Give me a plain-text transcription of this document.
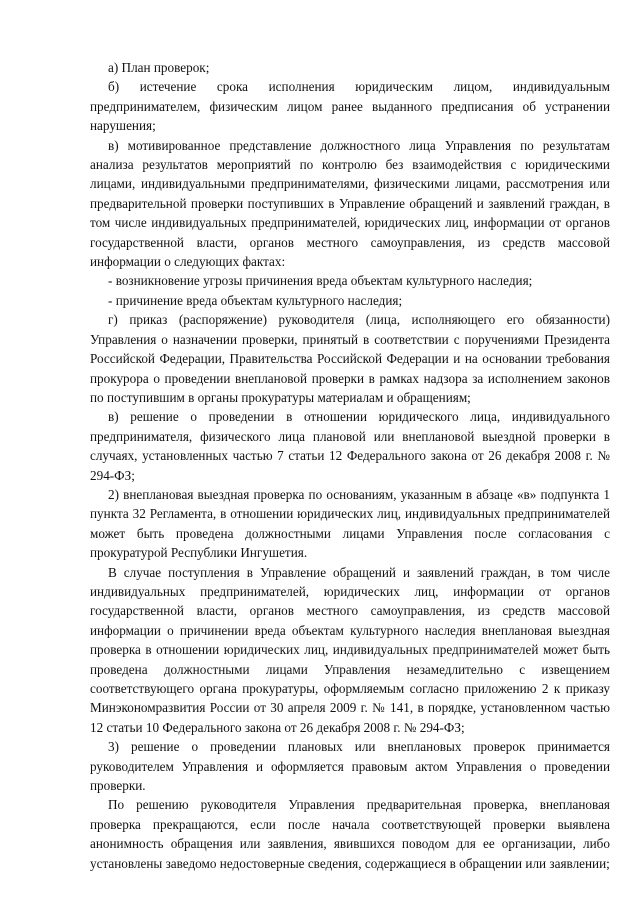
а) План проверок;

б) истечение срока исполнения юридическим лицом, индивидуальным предпринимателем, физическим лицом ранее выданного предписания об устранении нарушения;

в) мотивированное представление должностного лица Управления по результатам анализа результатов мероприятий по контролю без взаимодействия с юридическими лицами, индивидуальными предпринимателями, физическими лицами, рассмотрения или предварительной проверки поступивших в Управление обращений и заявлений граждан, в том числе индивидуальных предпринимателей, юридических лиц, информации от органов государственной власти, органов местного самоуправления, из средств массовой информации о следующих фактах:

- возникновение угрозы причинения вреда объектам культурного наследия;

- причинение вреда объектам культурного наследия;

г) приказ (распоряжение) руководителя (лица, исполняющего его обязанности) Управления о назначении проверки, принятый в соответствии с поручениями Президента Российской Федерации, Правительства Российской Федерации и на основании требования прокурора о проведении внеплановой проверки в рамках надзора за исполнением законов по поступившим в органы прокуратуры материалам и обращениям;

в) решение о проведении в отношении юридического лица, индивидуального предпринимателя, физического лица плановой или внеплановой выездной проверки в случаях, установленных частью 7 статьи 12 Федерального закона от 26 декабря 2008 г. № 294-ФЗ;

2) внеплановая выездная проверка по основаниям, указанным в абзаце «в» подпункта 1 пункта 32 Регламента, в отношении юридических лиц, индивидуальных предпринимателей может быть проведена должностными лицами Управления после согласования с прокуратурой Республики Ингушетия.

В случае поступления в Управление обращений и заявлений граждан, в том числе индивидуальных предпринимателей, юридических лиц, информации от органов государственной власти, органов местного самоуправления, из средств массовой информации о причинении вреда объектам культурного наследия внеплановая выездная проверка в отношении юридических лиц, индивидуальных предпринимателей может быть проведена должностными лицами Управления незамедлительно с извещением соответствующего органа прокуратуры, оформляемым согласно приложению 2 к приказу Минэкономразвития России от 30 апреля 2009 г. № 141, в порядке, установленном частью 12 статьи 10 Федерального закона от 26 декабря 2008 г. № 294-ФЗ;

3) решение о проведении плановых или внеплановых проверок принимается руководителем Управления и оформляется правовым актом Управления о проведении проверки.

По решению руководителя Управления предварительная проверка, внеплановая проверка прекращаются, если после начала соответствующей проверки выявлена анонимность обращения или заявления, явившихся поводом для ее организации, либо установлены заведомо недостоверные сведения, содержащиеся в обращении или заявлении;
